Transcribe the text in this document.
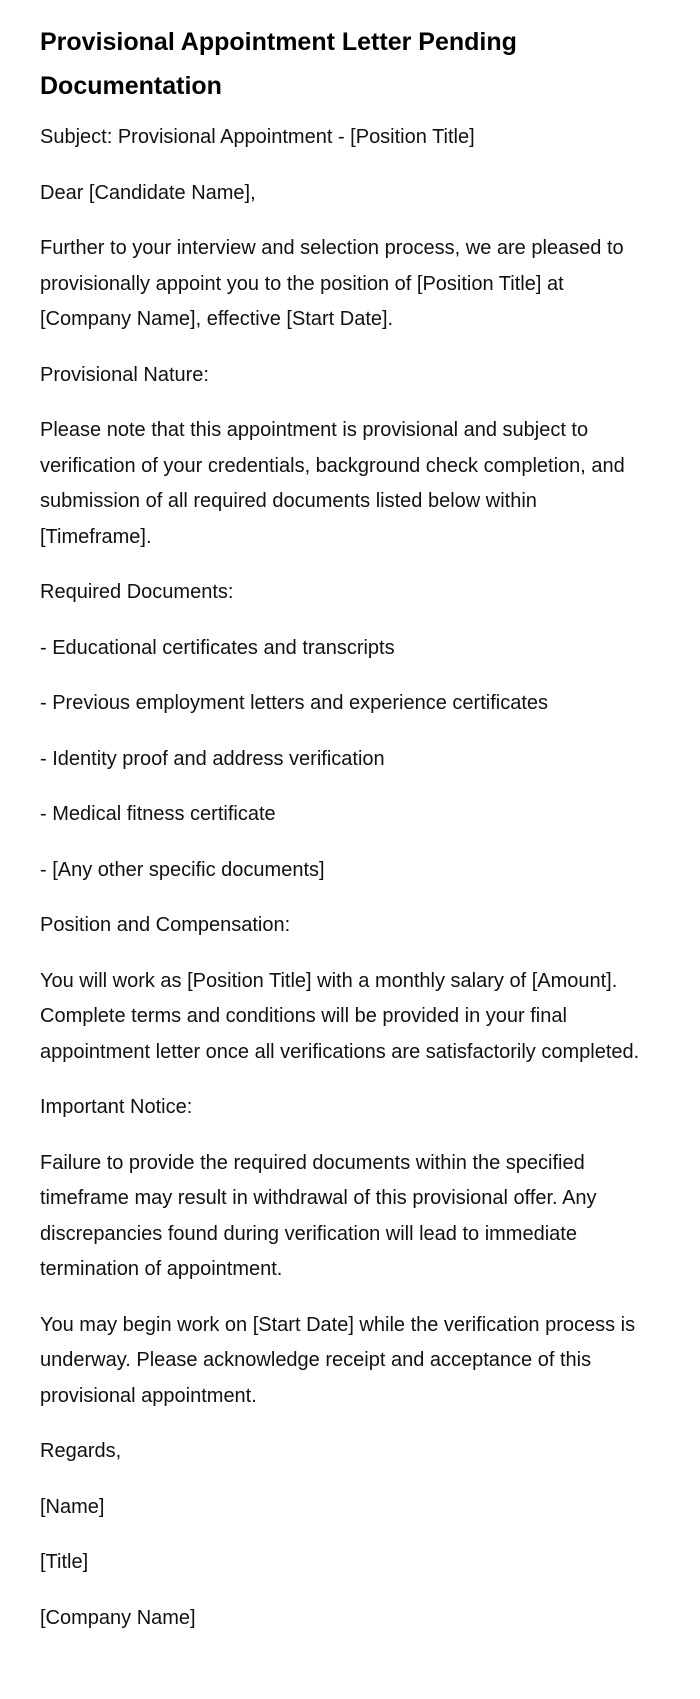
Provisional Appointment Letter Pending Documentation

Subject: Provisional Appointment - [Position Title]

Dear [Candidate Name],

Further to your interview and selection process, we are pleased to provisionally appoint you to the position of [Position Title] at [Company Name], effective [Start Date].

Provisional Nature:

Please note that this appointment is provisional and subject to verification of your credentials, background check completion, and submission of all required documents listed below within [Timeframe].

Required Documents:

- Educational certificates and transcripts

- Previous employment letters and experience certificates

- Identity proof and address verification

- Medical fitness certificate

- [Any other specific documents]

Position and Compensation:

You will work as [Position Title] with a monthly salary of [Amount]. Complete terms and conditions will be provided in your final appointment letter once all verifications are satisfactorily completed.

Important Notice:

Failure to provide the required documents within the specified timeframe may result in withdrawal of this provisional offer. Any discrepancies found during verification will lead to immediate termination of appointment.

You may begin work on [Start Date] while the verification process is underway. Please acknowledge receipt and acceptance of this provisional appointment.

Regards,

[Name]

[Title]

[Company Name]
